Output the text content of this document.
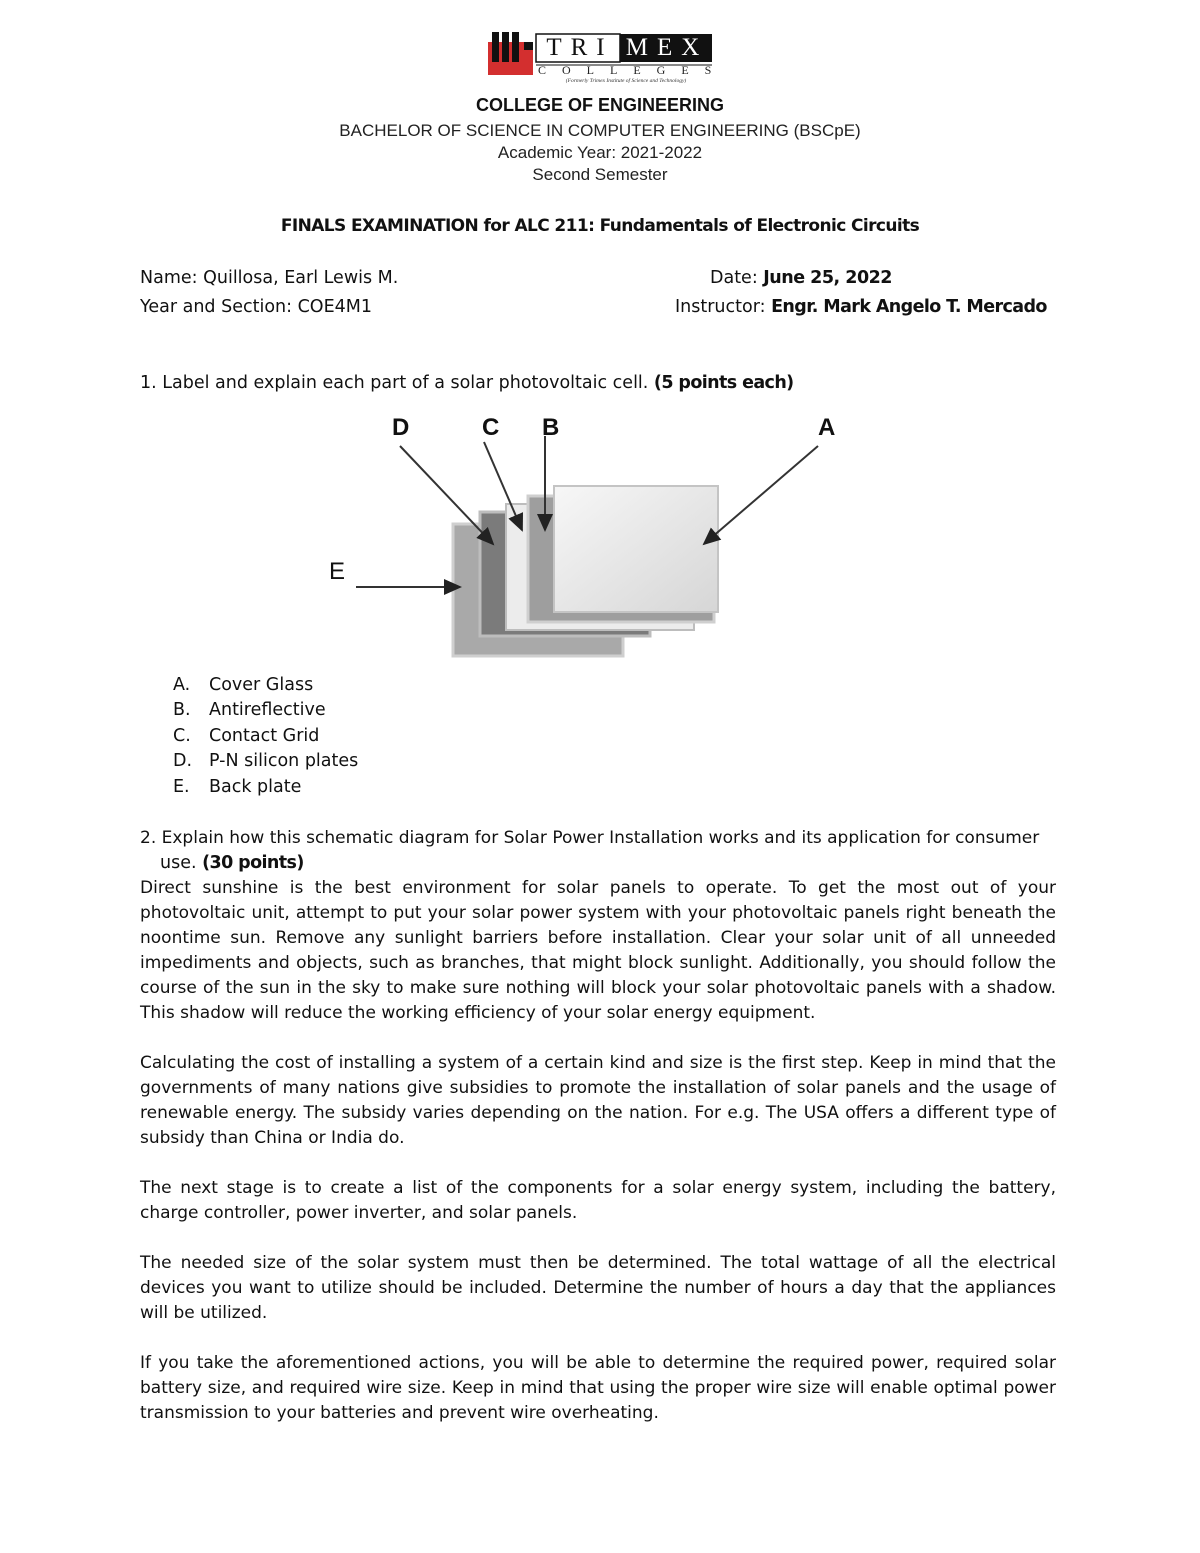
TRI MEX
COLLEGES
(Formerly Trimex Institute of Science and Technology)
COLLEGE OF ENGINEERING
BACHELOR OF SCIENCE IN COMPUTER ENGINEERING (BSCpE)
Academic Year: 2021-2022
Second Semester
FINALS EXAMINATION for ALC 211: Fundamentals of Electronic Circuits
Name: Quillosa, Earl Lewis M.	Date: June 25, 2022
Year and Section: COE4M1	Instructor: Engr. Mark Angelo T. Mercado
1. Label and explain each part of a solar photovoltaic cell. (5 points each)
D	C B	A
E
A. Cover Glass
B. Antireflective
C. Contact Grid
D. P-N silicon plates
E. Back plate
2. Explain how this schematic diagram for Solar Power Installation works and its application for consumer
use. (30 points)
Direct sunshine is the best environment for solar panels to operate. To get the most out of your photovoltaic unit, attempt to put your solar power system with your photovoltaic panels right beneath the noontime sun. Remove any sunlight barriers before installation. Clear your solar unit of all unneeded impediments and objects, such as branches, that might block sunlight. Additionally, you should follow the course of the sun in the sky to make sure nothing will block your solar photovoltaic panels with a shadow. This shadow will reduce the working efficiency of your solar energy equipment.
Calculating the cost of installing a system of a certain kind and size is the first step. Keep in mind that the governments of many nations give subsidies to promote the installation of solar panels and the usage of renewable energy. The subsidy varies depending on the nation. For e.g. The USA offers a different type of subsidy than China or India do.
The next stage is to create a list of the components for a solar energy system, including the battery, charge controller, power inverter, and solar panels.
The needed size of the solar system must then be determined. The total wattage of all the electrical devices you want to utilize should be included. Determine the number of hours a day that the appliances will be utilized.
If you take the aforementioned actions, you will be able to determine the required power, required solar battery size, and required wire size. Keep in mind that using the proper wire size will enable optimal power transmission to your batteries and prevent wire overheating.
